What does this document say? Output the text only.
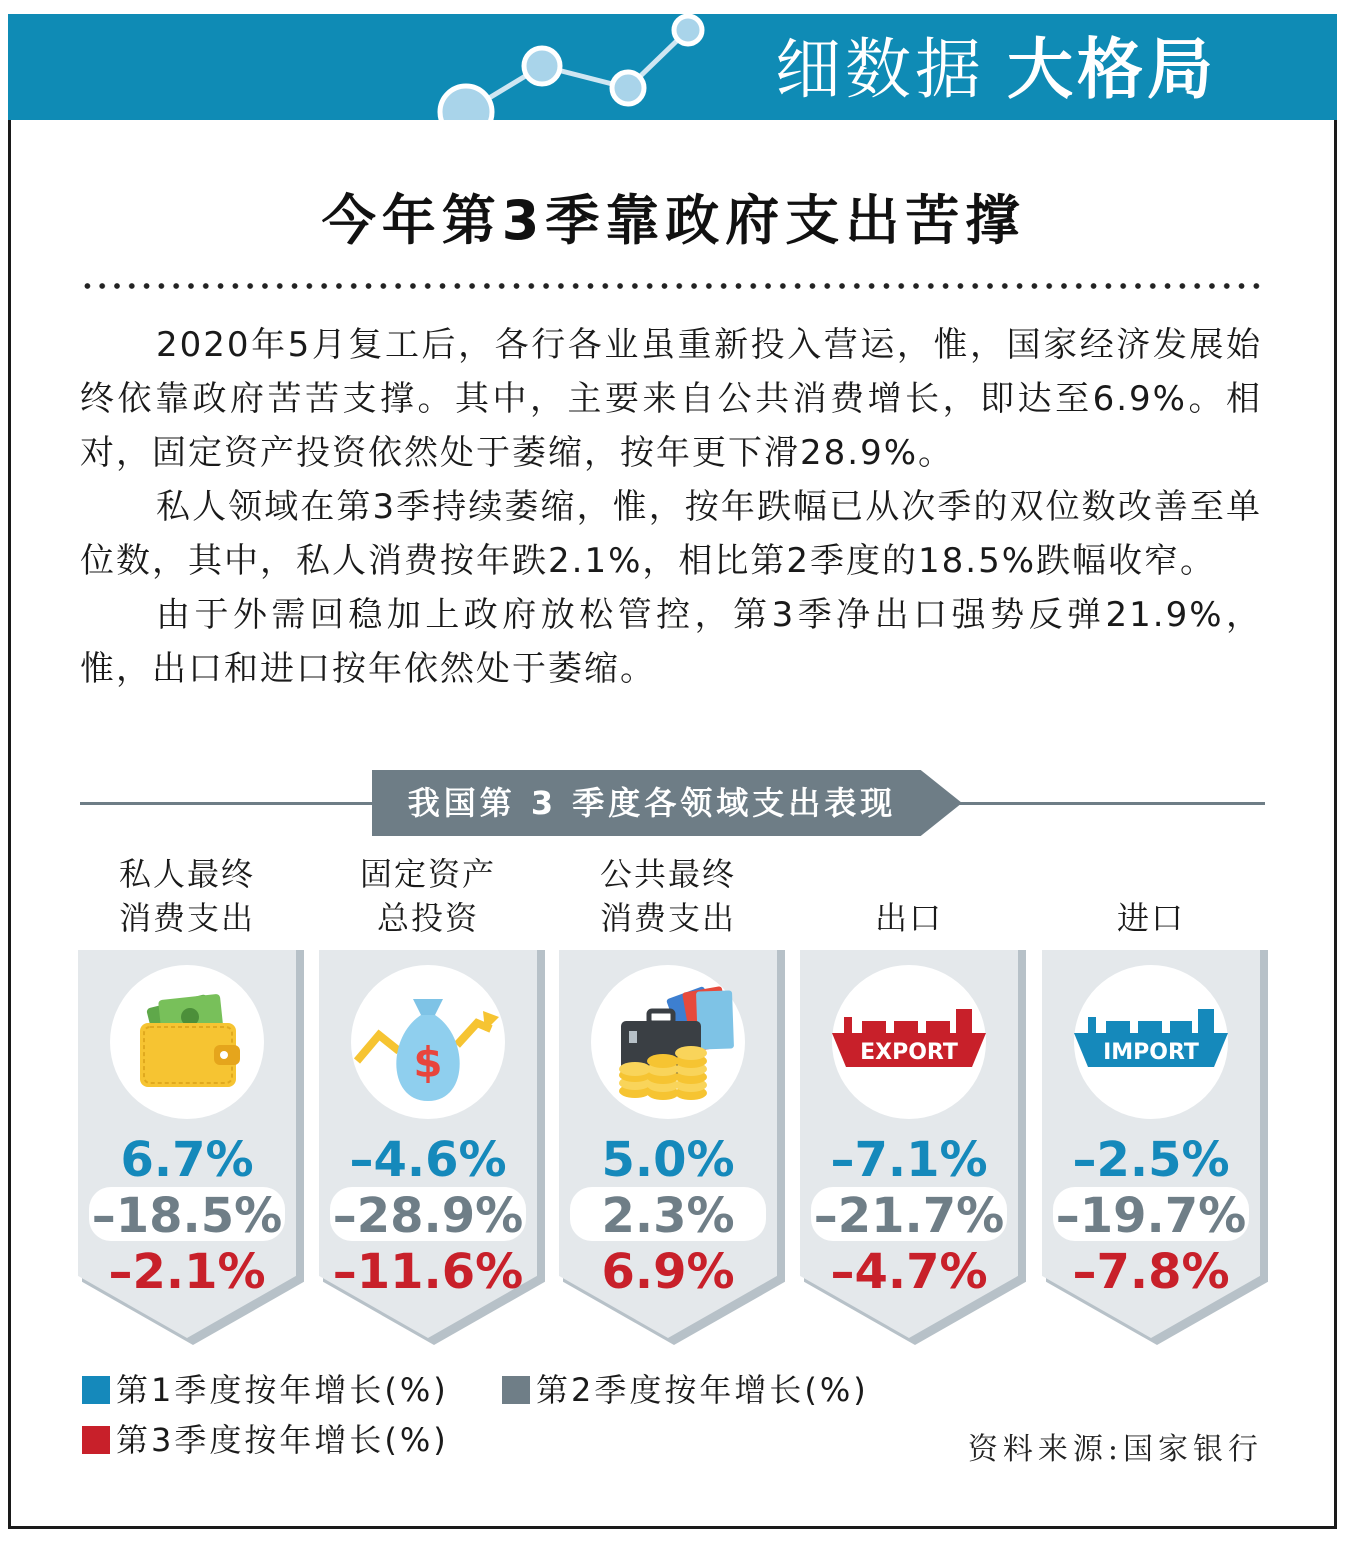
细数据 大格局
今年第3季靠政府支出苦撑

2020年5月复工后，各行各业虽重新投入营运，惟，国家经济发展始终依靠政府苦苦支撑。其中，主要来自公共消费增长，即达至6.9%。相对，固定资产投资依然处于萎缩，按年更下滑28.9%。

私人领域在第3季持续萎缩，惟，按年跌幅已从次季的双位数改善至单位数，其中，私人消费按年跌2.1%，相比第2季度的18.5%跌幅收窄。

由于外需回稳加上政府放松管控，第3季净出口强势反弹21.9%，惟，出口和进口按年依然处于萎缩。

我国第 3 季度各领域支出表现
私人最终
消费支出
6.7%
–18.5%
–2.1%
固定资产
总投资
$
–4.6%
–28.9%
–11.6%
公共最终
消费支出
5.0%
2.3%
6.9%

出口
EXPORT
–7.1%
–21.7%
–4.7%

进口
IMPORT
–2.5%
–19.7%
–7.8%
第1季度按年增长(%)	第2季度按年增长(%)
第3季度按年增长(%)	资料来源:国家银行
